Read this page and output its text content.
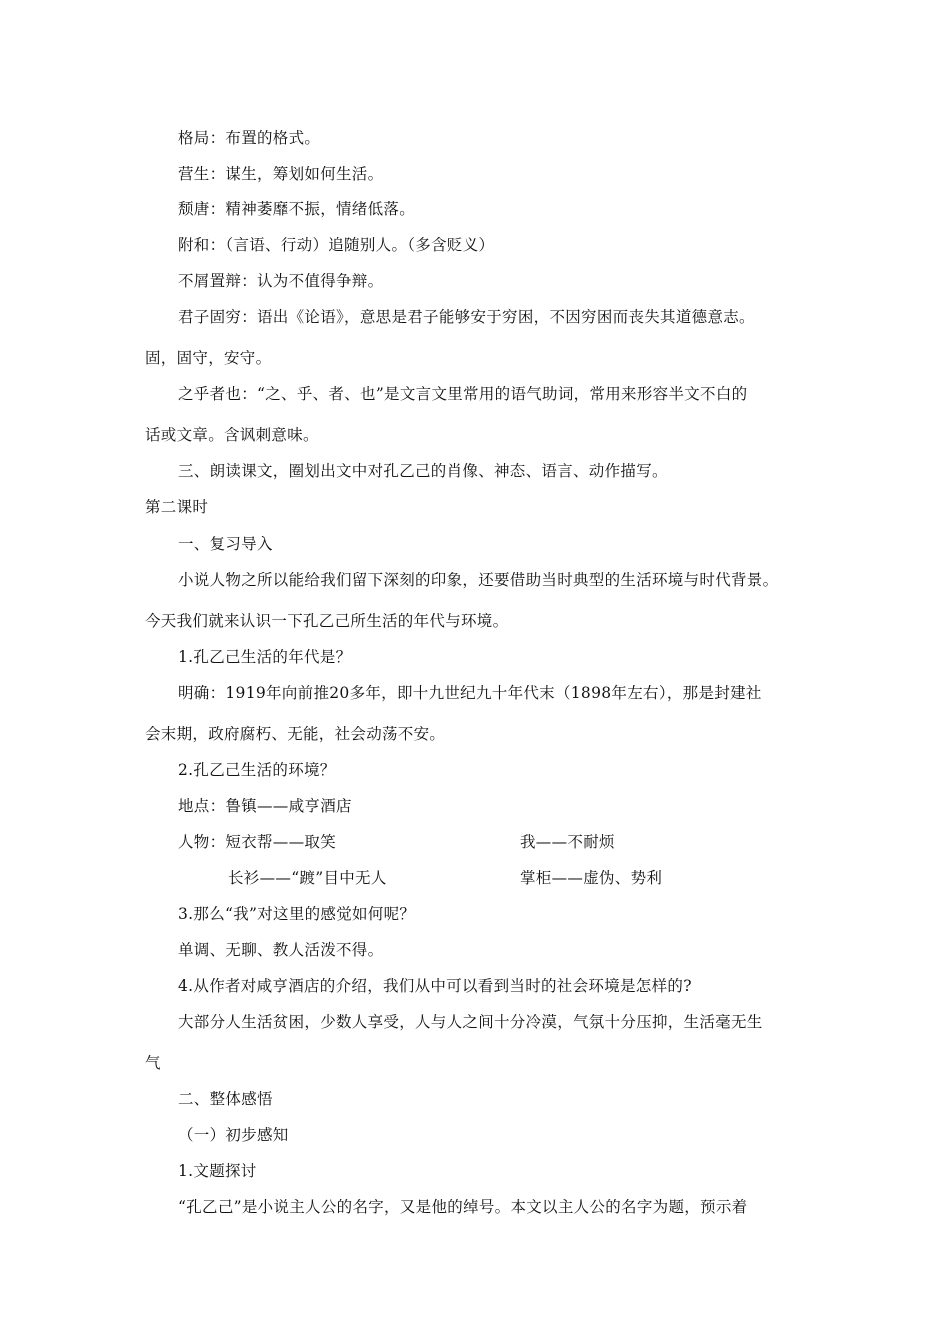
格局：布置的格式。
营生：谋生，筹划如何生活。
颓唐：精神萎靡不振，情绪低落。
附和：（言语、行动）追随别人。（多含贬义）
不屑置辩：认为不值得争辩。
君子固穷：语出《论语》，意思是君子能够安于穷困，不因穷困而丧失其道德意志。
固，固守，安守。
之乎者也：“之、乎、者、也”是文言文里常用的语气助词，常用来形容半文不白的
话或文章。含讽刺意味。
三、朗读课文，圈划出文中对孔乙己的肖像、神态、语言、动作描写。
第二课时
一、复习导入
小说人物之所以能给我们留下深刻的印象，还要借助当时典型的生活环境与时代背景。
今天我们就来认识一下孔乙己所生活的年代与环境。
1.孔乙己生活的年代是？
明确：1919年向前推20多年，即十九世纪九十年代末（1898年左右），那是封建社
会末期，政府腐朽、无能，社会动荡不安。
2.孔乙己生活的环境？
地点：鲁镇——咸亨酒店
人物：短衣帮——取笑	我——不耐烦
长衫——“踱”目中无人	掌柜——虚伪、势利
3.那么“我”对这里的感觉如何呢？
单调、无聊、教人活泼不得。
4.从作者对咸亨酒店的介绍，我们从中可以看到当时的社会环境是怎样的?
大部分人生活贫困，少数人享受，人与人之间十分冷漠，气氛十分压抑，生活毫无生
气
二、整体感悟
（一）初步感知
1.文题探讨
“孔乙己”是小说主人公的名字，又是他的绰号。本文以主人公的名字为题，预示着
